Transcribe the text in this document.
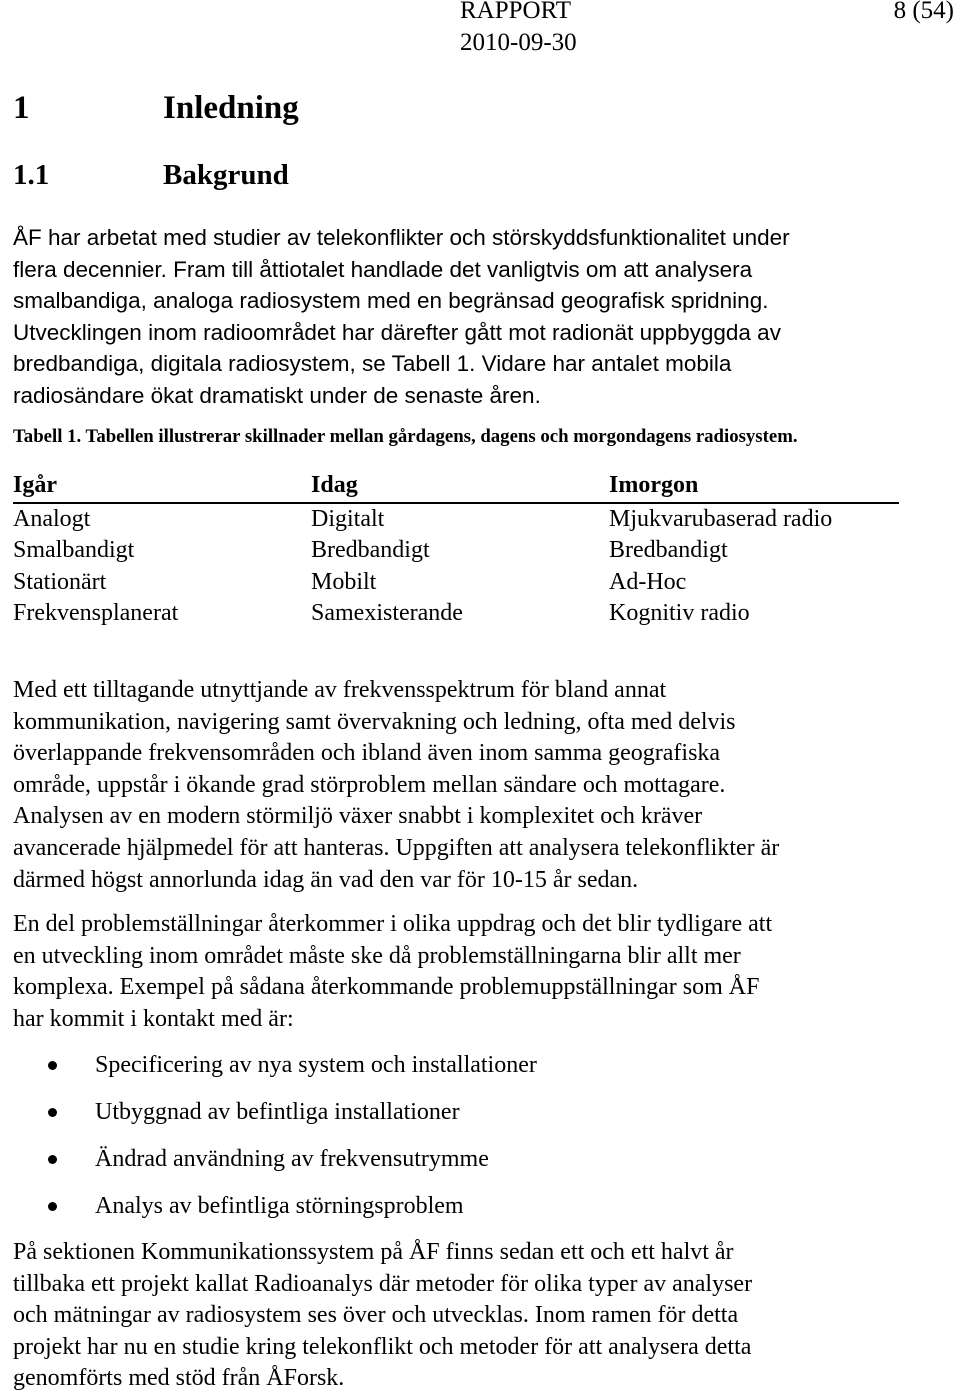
RAPPORT
2010-09-30
8 (54)
1	Inledning
1.1	Bakgrund
ÅF har arbetat med studier av telekonflikter och störskyddsfunktionalitet under
flera decennier. Fram till åttiotalet handlade det vanligtvis om att analysera
smalbandiga, analoga radiosystem med en begränsad geografisk spridning.
Utvecklingen inom radioområdet har därefter gått mot radionät uppbyggda av
bredbandiga, digitala radiosystem, se Tabell 1. Vidare har antalet mobila
radiosändare ökat dramatiskt under de senaste åren.
Tabell 1. Tabellen illustrerar skillnader mellan gårdagens, dagens och morgondagens radiosystem.
Igår	Idag	Imorgon
Analogt	Digitalt	Mjukvarubaserad radio
Smalbandigt	Bredbandigt	Bredbandigt
Stationärt	Mobilt	Ad-Hoc
Frekvensplanerat	Samexisterande	Kognitiv radio
Med ett tilltagande utnyttjande av frekvensspektrum för bland annat
kommunikation, navigering samt övervakning och ledning, ofta med delvis
överlappande frekvensområden och ibland även inom samma geografiska
område, uppstår i ökande grad störproblem mellan sändare och mottagare.
Analysen av en modern störmiljö växer snabbt i komplexitet och kräver
avancerade hjälpmedel för att hanteras. Uppgiften att analysera telekonflikter är
därmed högst annorlunda idag än vad den var för 10-15 år sedan.
En del problemställningar återkommer i olika uppdrag och det blir tydligare att
en utveckling inom området måste ske då problemställningarna blir allt mer
komplexa. Exempel på sådana återkommande problemuppställningar som ÅF
har kommit i kontakt med är:
Specificering av nya system och installationer
Utbyggnad av befintliga installationer
Ändrad användning av frekvensutrymme
Analys av befintliga störningsproblem
På sektionen Kommunikationssystem på ÅF finns sedan ett och ett halvt år
tillbaka ett projekt kallat Radioanalys där metoder för olika typer av analyser
och mätningar av radiosystem ses över och utvecklas. Inom ramen för detta
projekt har nu en studie kring telekonflikt och metoder för att analysera detta
genomförts med stöd från ÅForsk.
